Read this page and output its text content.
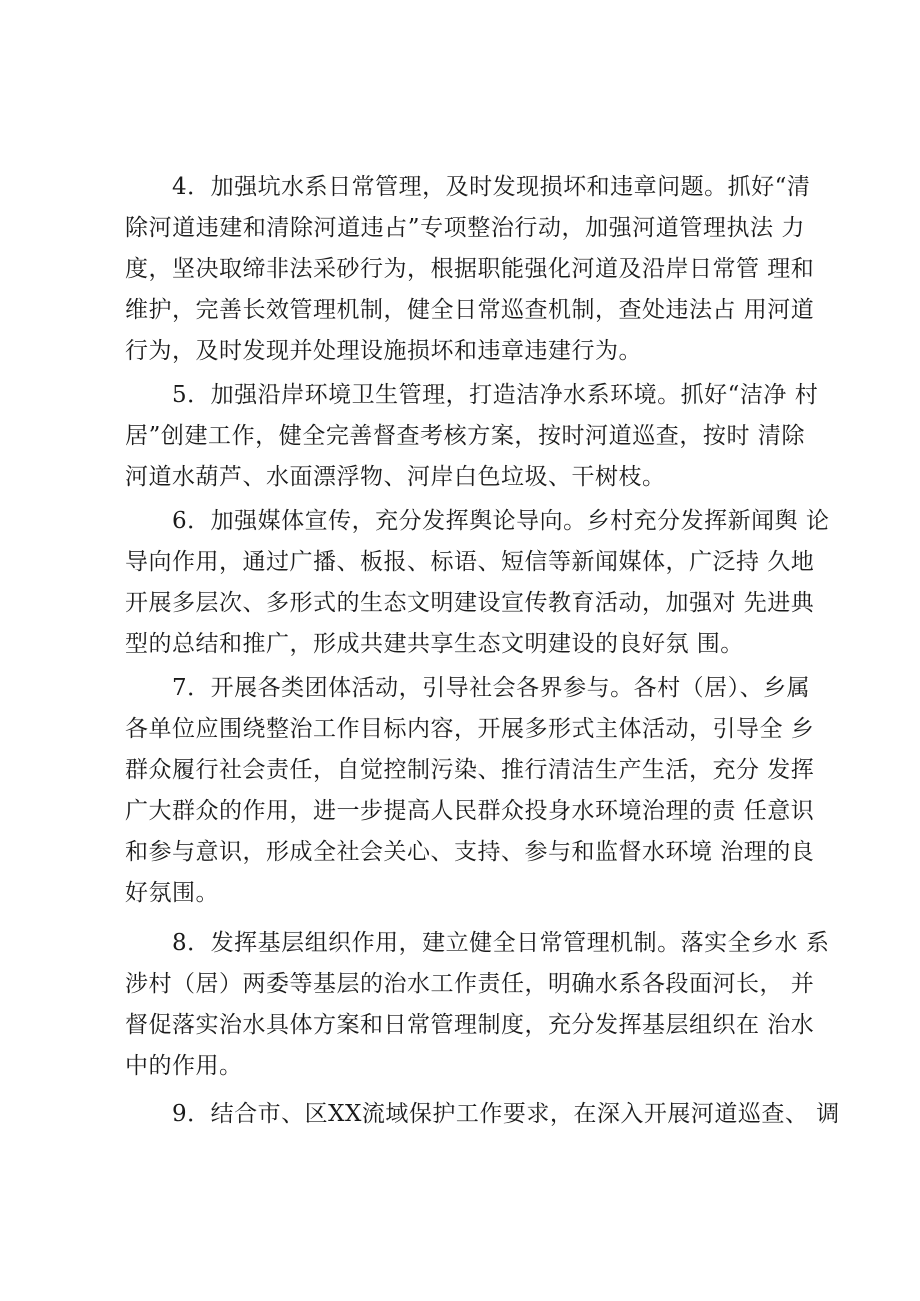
4．加强坑水系日常管理，及时发现损坏和违章问题。抓好“清
除河道违建和清除河道违占”专项整治行动，加强河道管理执法 力
度，坚决取缔非法采砂行为，根据职能强化河道及沿岸日常管 理和
维护，完善长效管理机制，健全日常巡查机制，查处违法占 用河道
行为，及时发现并处理设施损坏和违章违建行为。
5．加强沿岸环境卫生管理，打造洁净水系环境。抓好“洁净 村
居”创建工作，健全完善督查考核方案，按时河道巡查，按时 清除
河道水葫芦、水面漂浮物、河岸白色垃圾、干树枝。
6．加强媒体宣传，充分发挥舆论导向。乡村充分发挥新闻舆 论
导向作用，通过广播、板报、标语、短信等新闻媒体，广泛持 久地
开展多层次、多形式的生态文明建设宣传教育活动，加强对 先进典
型的总结和推广，形成共建共享生态文明建设的良好氛 围。
7．开展各类团体活动，引导社会各界参与。各村（居）、乡属
各单位应围绕整治工作目标内容，开展多形式主体活动，引导全 乡
群众履行社会责任，自觉控制污染、推行清洁生产生活，充分 发挥
广大群众的作用，进一步提高人民群众投身水环境治理的责 任意识
和参与意识，形成全社会关心、支持、参与和监督水环境 治理的良
好氛围。
8．发挥基层组织作用，建立健全日常管理机制。落实全乡水 系
涉村（居）两委等基层的治水工作责任，明确水系各段面河长， 并
督促落实治水具体方案和日常管理制度，充分发挥基层组织在 治水
中的作用。
9．结合市、区XX流域保护工作要求，在深入开展河道巡查、 调
